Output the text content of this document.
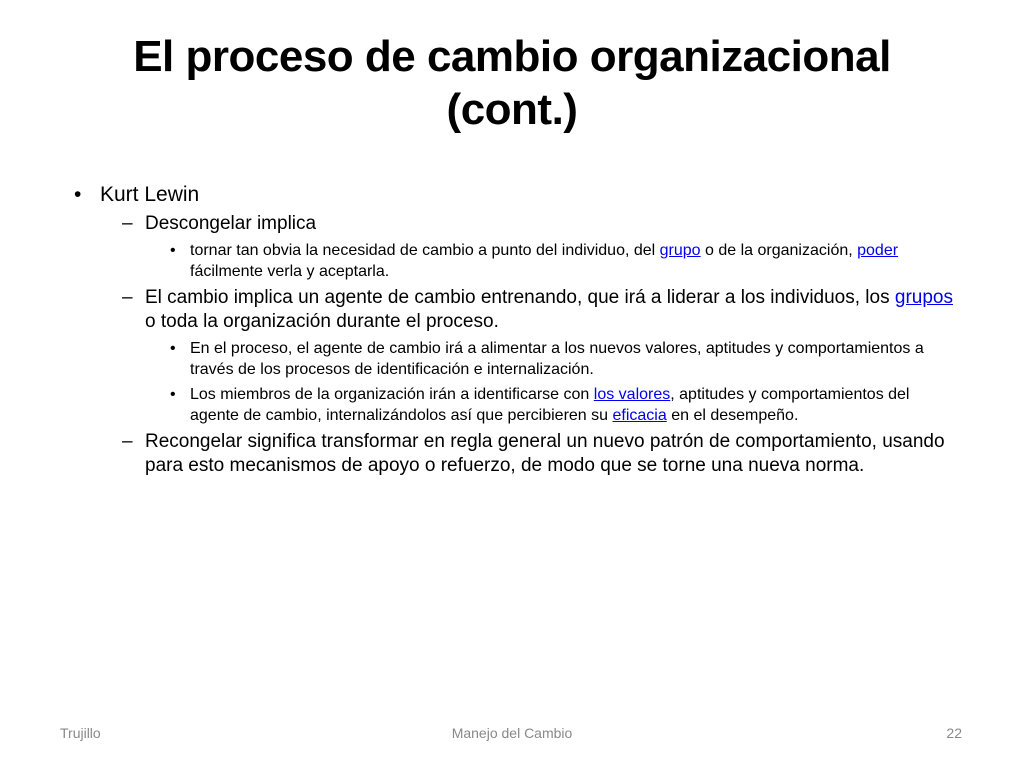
El proceso de cambio organizacional
(cont.)
• Kurt Lewin
– Descongelar implica
• tornar tan obvia la necesidad de cambio a punto del individuo, del grupo o de la organización, poder fácilmente verla y aceptarla.
– El cambio implica un agente de cambio entrenando, que irá a liderar a los individuos, los grupos o toda la organización durante el proceso.
• En el proceso, el agente de cambio irá a alimentar a los nuevos valores, aptitudes y comportamientos a través de los procesos de identificación e internalización.
• Los miembros de la organización irán a identificarse con los valores, aptitudes y comportamientos del agente de cambio, internalizándolos así que percibieren su eficacia en el desempeño.
– Recongelar significa transformar en regla general un nuevo patrón de comportamiento, usando para esto mecanismos de apoyo o refuerzo, de modo que se torne una nueva norma.
Trujillo	Manejo del Cambio	22
